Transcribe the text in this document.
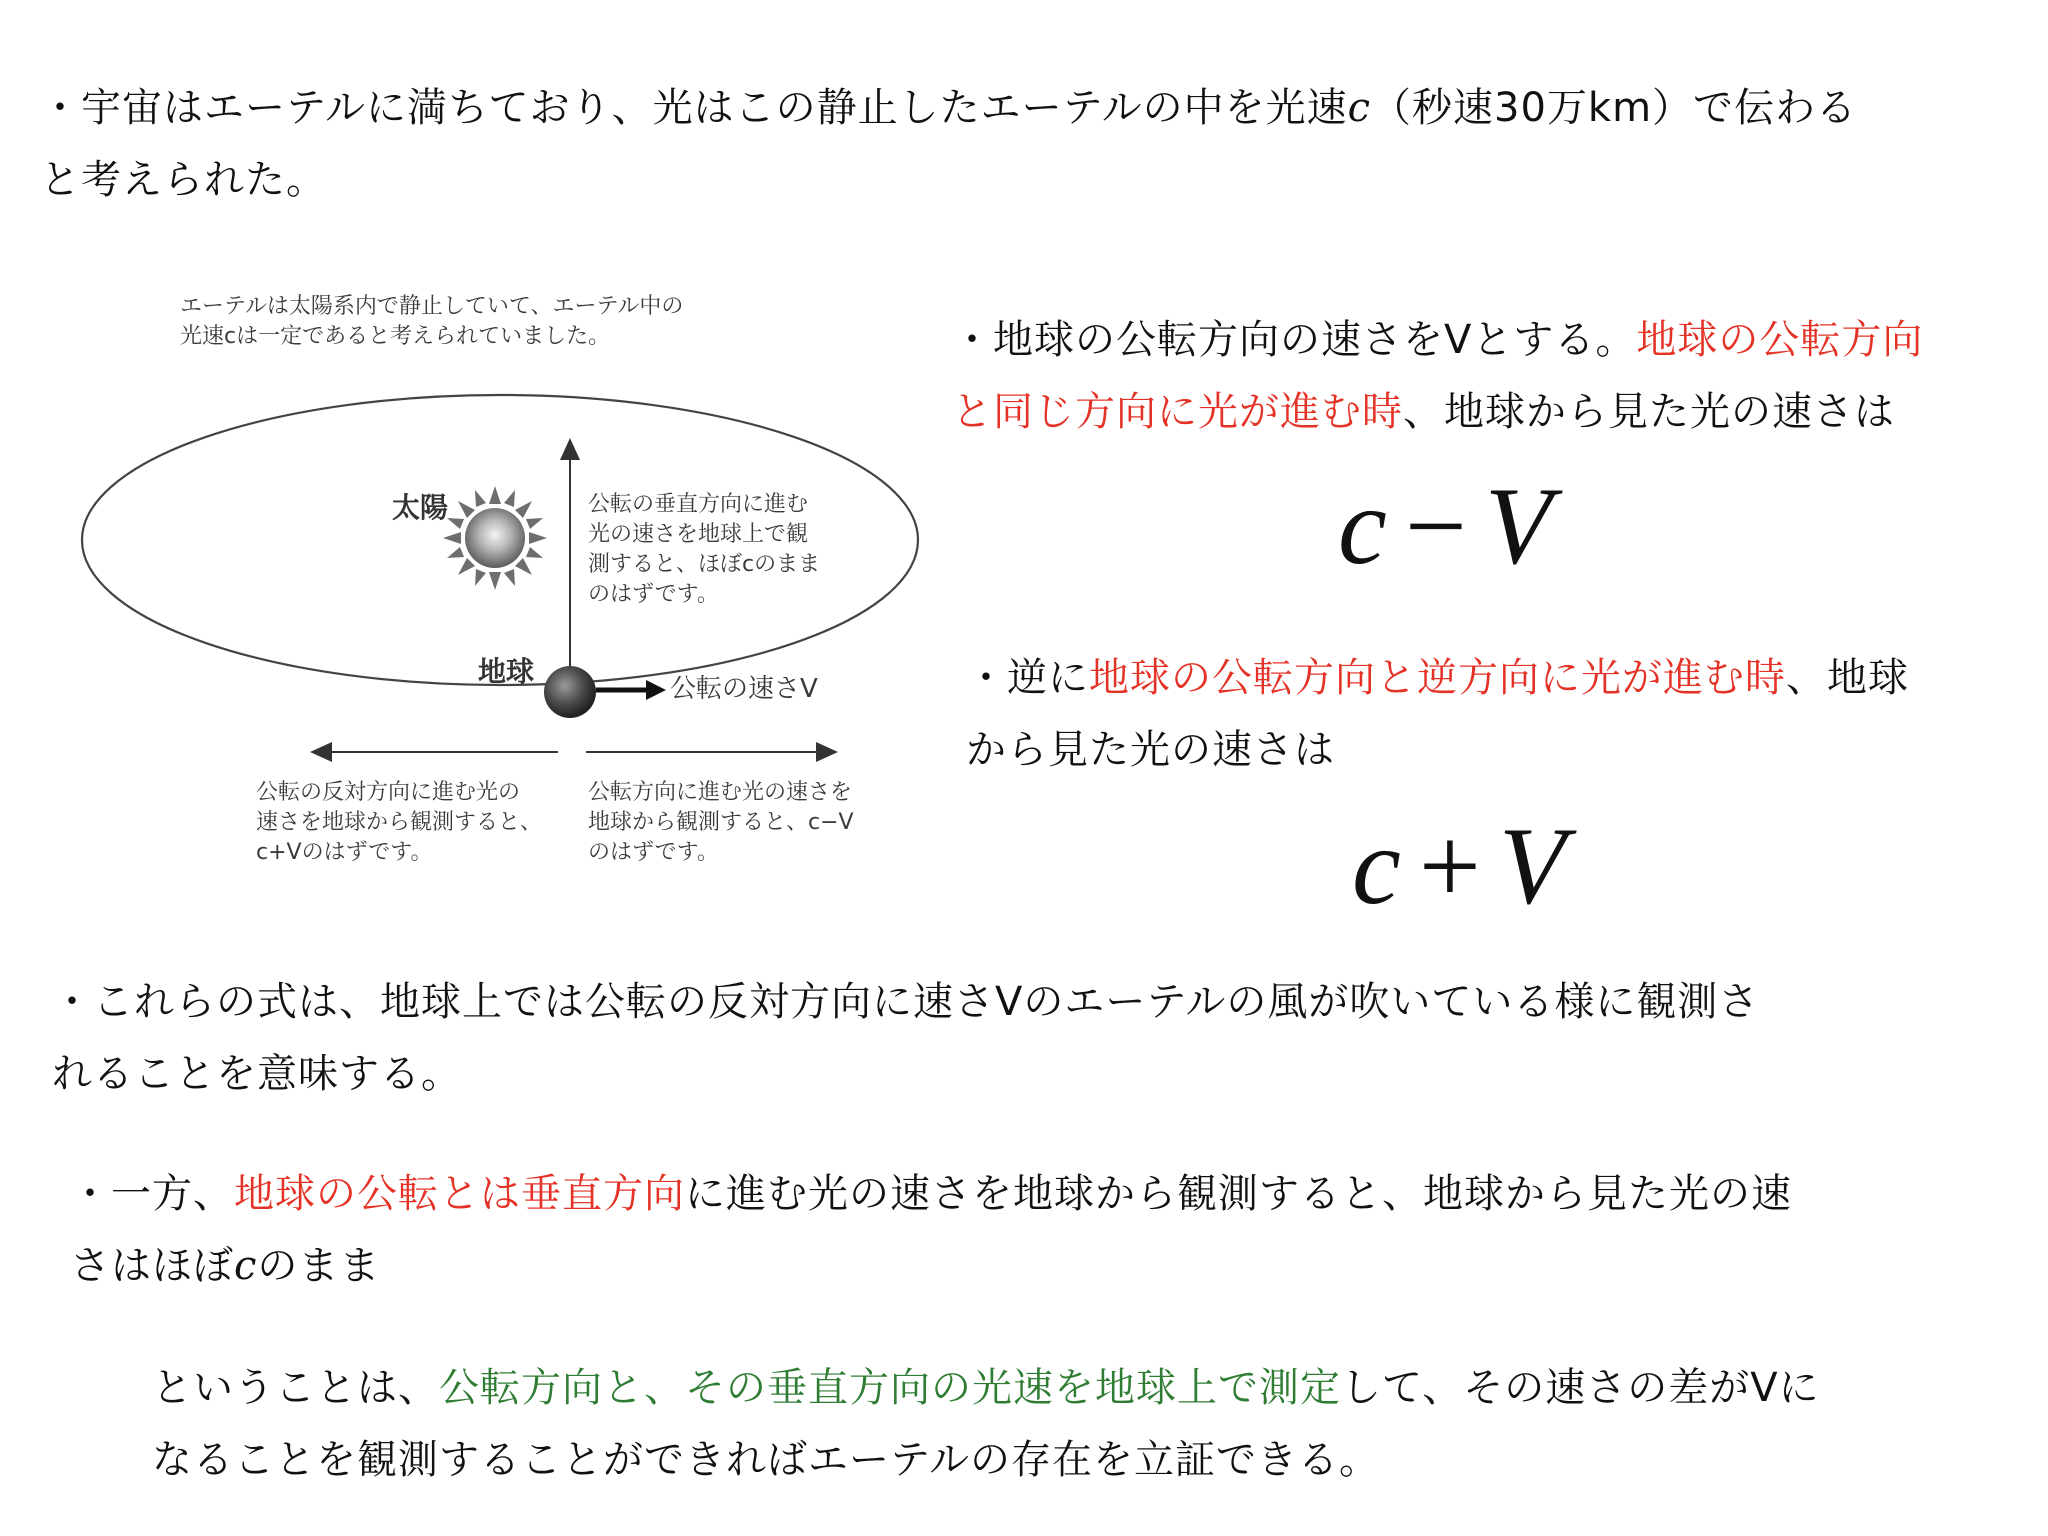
・宇宙はエーテルに満ちており、光はこの静止したエーテルの中を光速c（秒速30万km）で伝わる
と考えられた。

エーテルは太陽系内で静止していて、エーテル中の
光速cは一定であると考えられていました。

太陽
地球

公転の垂直方向に進む
光の速さを地球上で観
測すると、ほぼcのまま
のはずです。

公転の速さV

公転の反対方向に進む光の
速さを地球から観測すると、
c+Vのはずです。

公転方向に進む光の速さを
地球から観測すると、c−V
のはずです。

・地球の公転方向の速さをVとする。地球の公転方向
と同じ方向に光が進む時、地球から見た光の速さは

c − V

・逆に地球の公転方向と逆方向に光が進む時、地球
から見た光の速さは

c + V

・これらの式は、地球上では公転の反対方向に速さVのエーテルの風が吹いている様に観測さ
れることを意味する。

・一方、地球の公転とは垂直方向に進む光の速さを地球から観測すると、地球から見た光の速
さはほぼcのまま

ということは、公転方向と、その垂直方向の光速を地球上で測定して、その速さの差がVに
なることを観測することができればエーテルの存在を立証できる。
